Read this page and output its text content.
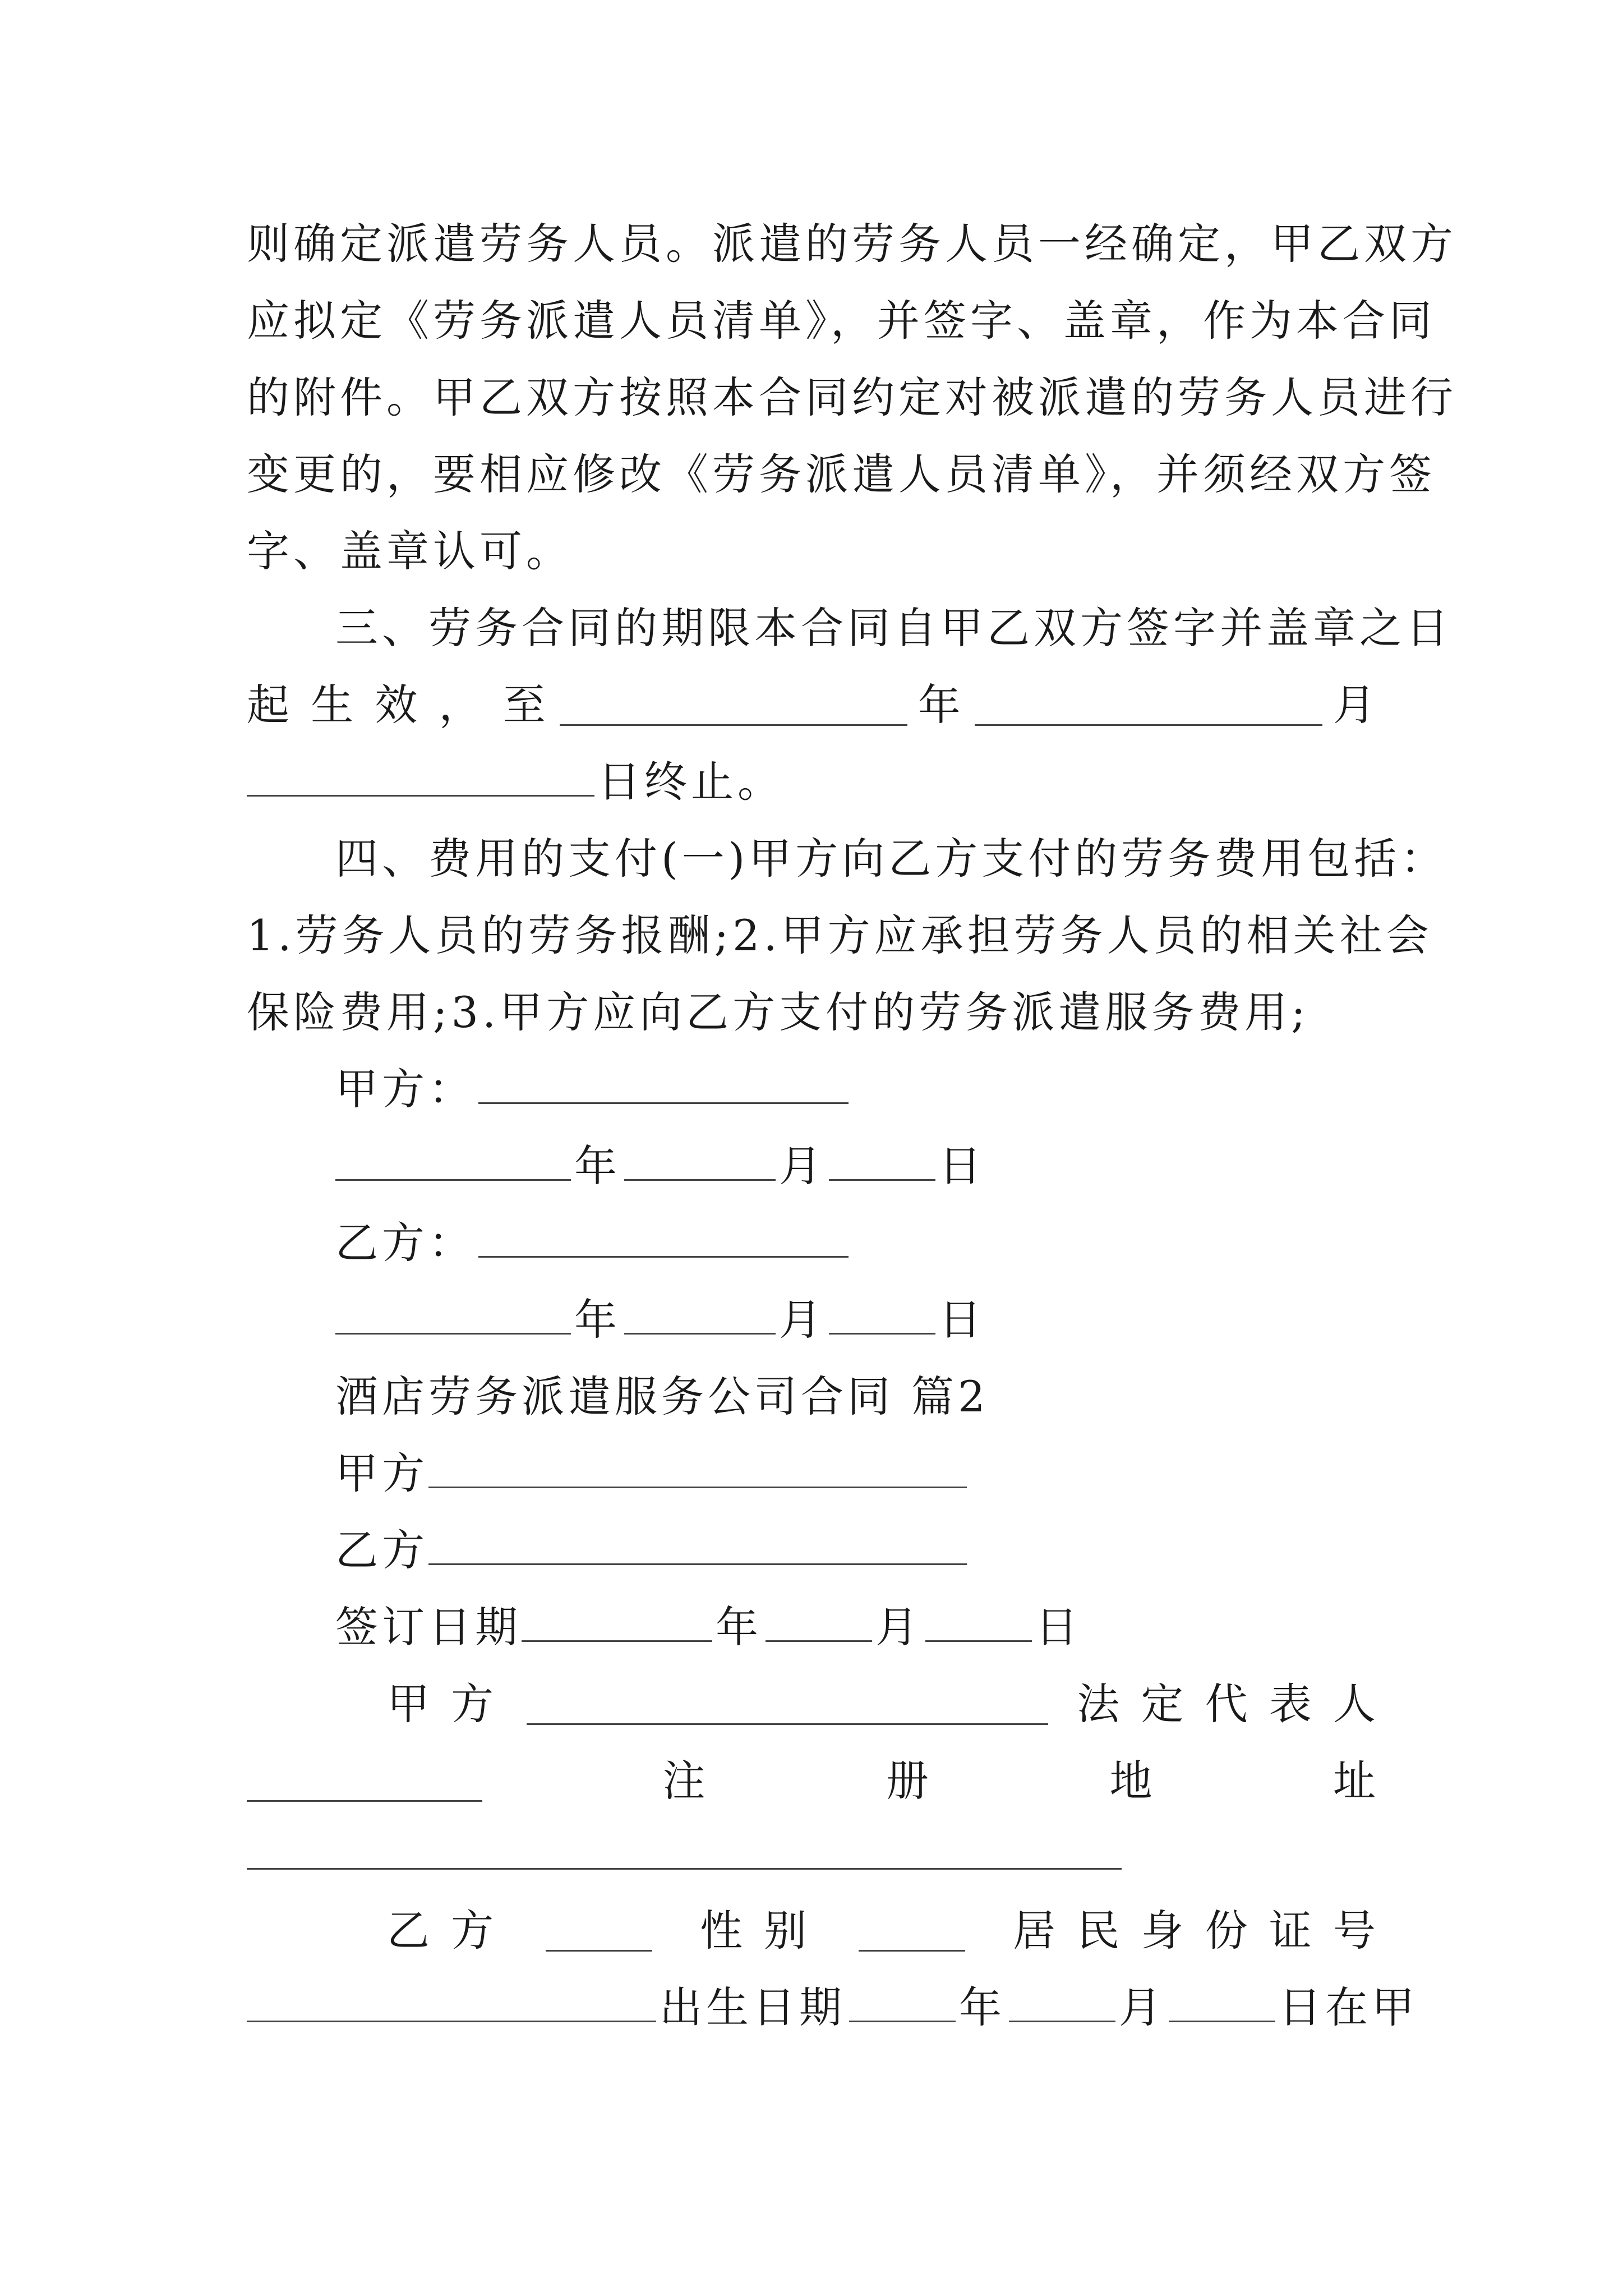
则确定派遣劳务人员。派遣的劳务人员一经确定，甲乙双方
应拟定《劳务派遣人员清单》，并签字、盖章，作为本合同
的附件。甲乙双方按照本合同约定对被派遣的劳务人员进行
变更的，要相应修改《劳务派遣人员清单》，并须经双方签
字、盖章认可。
三、劳务合同的期限本合同自甲乙双方签字并盖章之日
起 生 效 ， 至	年	月
日终止。
四、费用的支付(一)甲方向乙方支付的劳务费用包括：
1.劳务人员的劳务报酬;2.甲方应承担劳务人员的相关社会
保险费用;3.甲方应向乙方支付的劳务派遣服务费用;
甲方：
年	月	日
乙方：
年	月	日
酒店劳务派遣服务公司合同 篇2
甲方
乙方
签订日期	年	月	日
甲 方	法 定 代 表 人
注	册	地	址
乙 方	性 别	居 民 身 份 证 号
出生日期	年	月	日在甲
